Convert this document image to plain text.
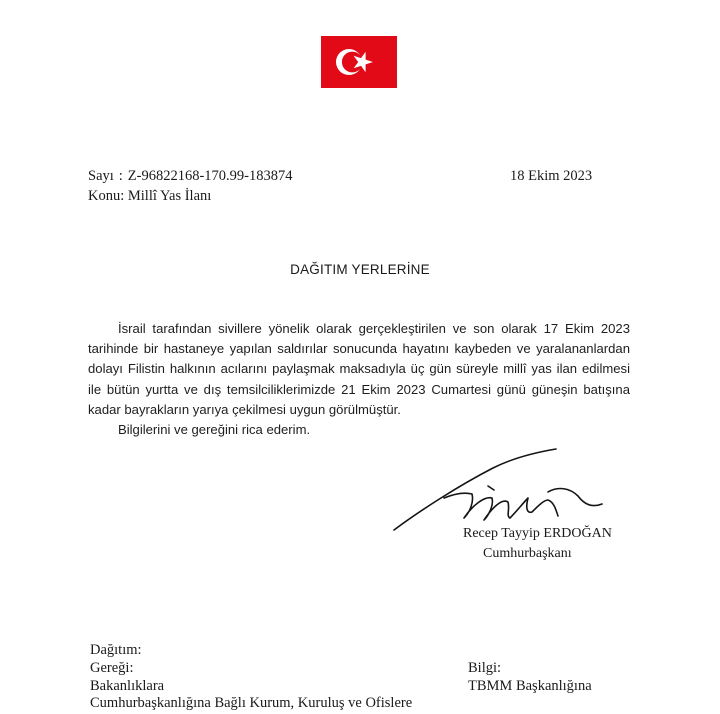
Sayı : Z-96822168-170.99-183874
Konu: Millî Yas İlanı
18 Ekim 2023
DAĞITIM YERLERİNE

İsrail tarafından sivillere yönelik olarak gerçekleştirilen ve son olarak 17 Ekim 2023 tarihinde bir hastaneye yapılan saldırılar sonucunda hayatını kaybeden ve yaralananlardan dolayı Filistin halkının acılarını paylaşmak maksadıyla üç gün süreyle millî yas ilan edilmesi ile bütün yurtta ve dış temsilciliklerimizde 21 Ekim 2023 Cumartesi günü güneşin batışına kadar bayrakların yarıya çekilmesi uygun görülmüştür.

Bilgilerini ve gereğini rica ederim.

Recep Tayyip ERDOĞAN
Cumhurbaşkanı
Dağıtım:
Gereği:
Bakanlıklara
Cumhurbaşkanlığına Bağlı Kurum, Kuruluş ve Ofislere
Bilgi:
TBMM Başkanlığına
